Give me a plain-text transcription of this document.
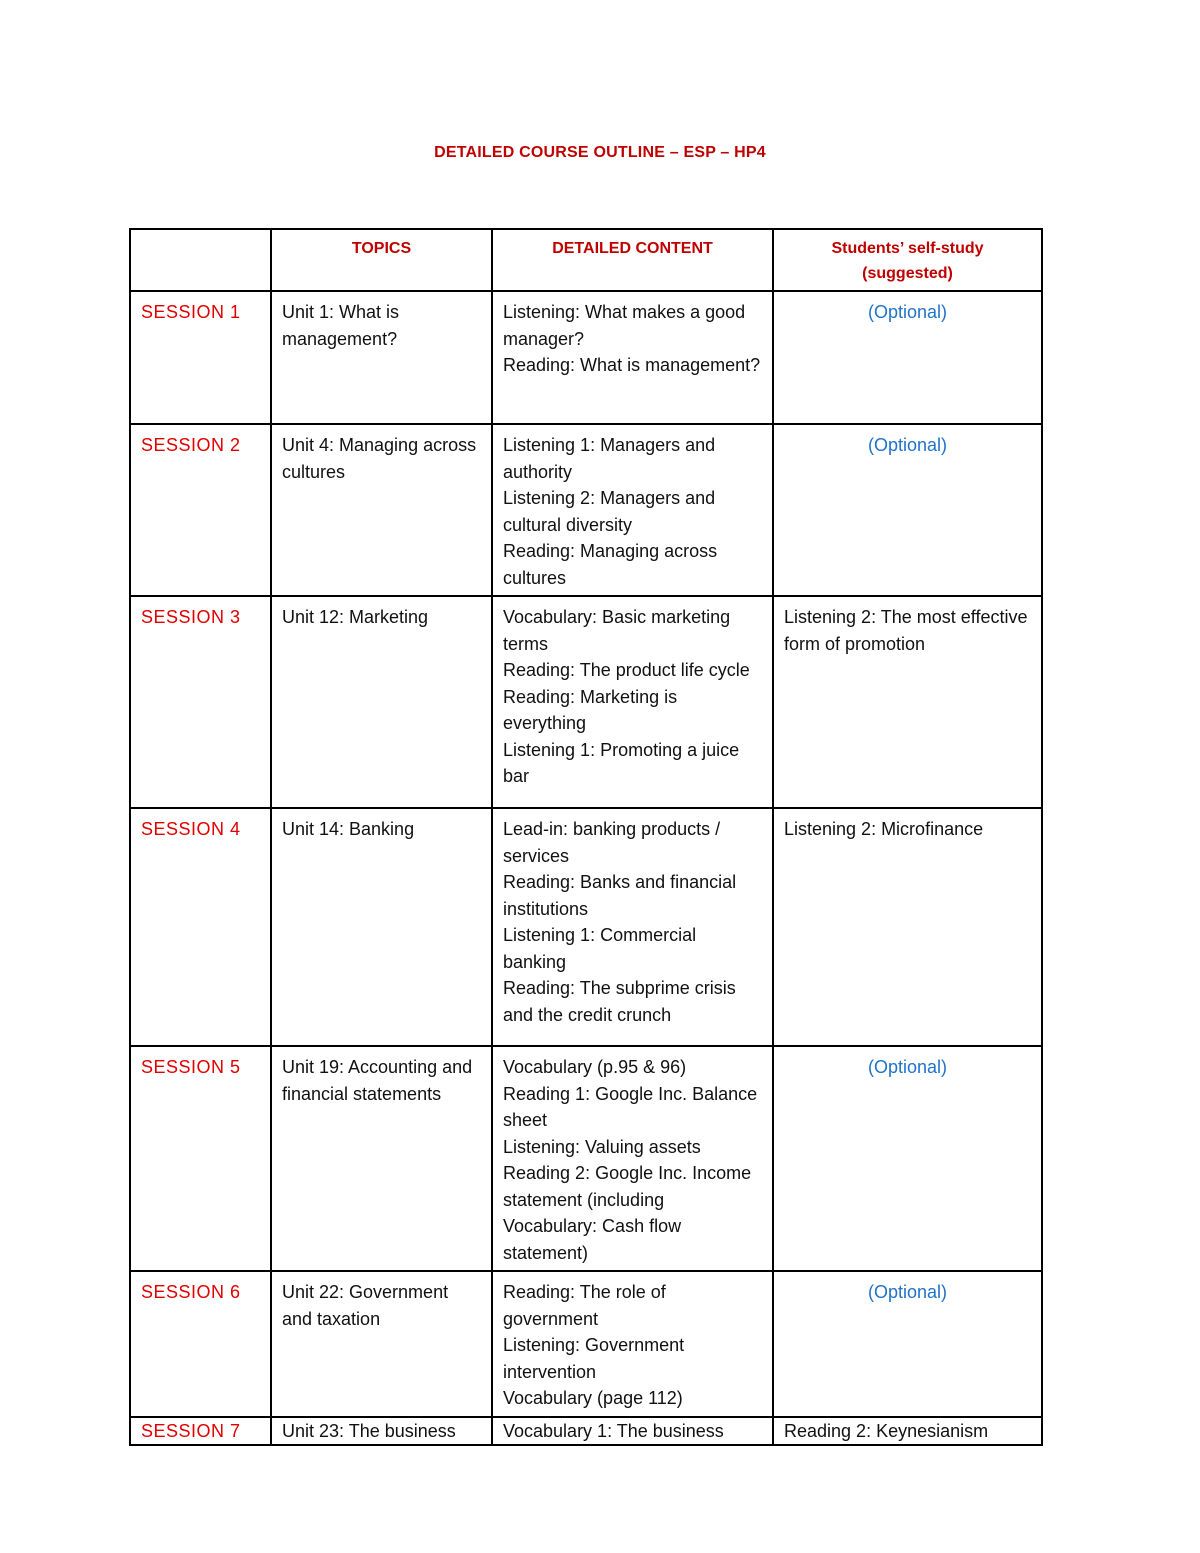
DETAILED COURSE OUTLINE – ESP – HP4
	TOPICS	DETAILED CONTENT	Students’ self-study (suggested)
SESSION 1	Unit 1: What is management?	Listening: What makes a good manager?
Reading: What is management?	(Optional)
SESSION 2	Unit 4: Managing across cultures	Listening 1: Managers and authority
Listening 2: Managers and cultural diversity
Reading: Managing across cultures	(Optional)
SESSION 3	Unit 12: Marketing	Vocabulary: Basic marketing terms
Reading: The product life cycle
Reading: Marketing is everything
Listening 1: Promoting a juice bar	Listening 2: The most effective form of promotion
SESSION 4	Unit 14: Banking	Lead-in: banking products / services
Reading: Banks and financial institutions
Listening 1: Commercial banking
Reading: The subprime crisis and the credit crunch	Listening 2: Microfinance
SESSION 5	Unit 19: Accounting and financial statements	Vocabulary (p.95 & 96)
Reading 1: Google Inc. Balance sheet
Listening: Valuing assets
Reading 2: Google Inc. Income statement (including Vocabulary: Cash flow statement)	(Optional)
SESSION 6	Unit 22: Government and taxation	Reading: The role of government
Listening: Government intervention
Vocabulary (page 112)	(Optional)
SESSION 7	Unit 23: The business	Vocabulary 1: The business	Reading 2: Keynesianism
